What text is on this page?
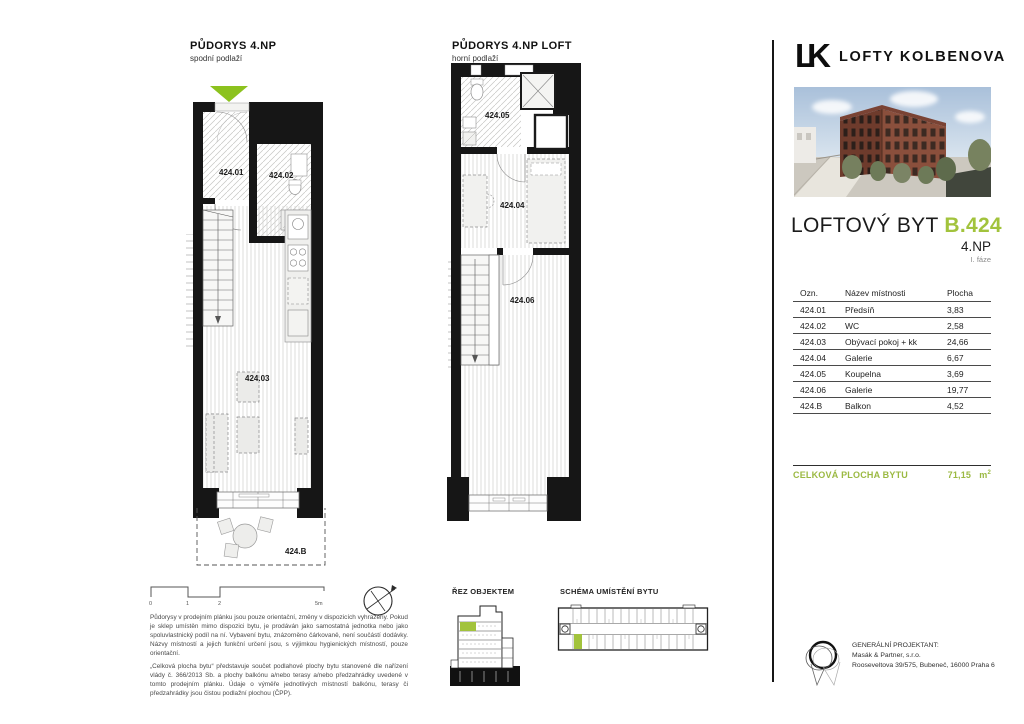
PŮDORYS 4.NP
spodní podlaží
424.01	424.02
424.03
424.B
PŮDORYS 4.NP LOFT
horní podlaží
424.05
424.04
424.06
0	1	2	5m

Půdorysy v prodejním plánku jsou pouze orientační, změny v dispozicích vyhrazeny. Pokud je sklep umístěn mimo dispozici bytu, je prodáván jako samostatná jednotka nebo jako spoluvlastnický podíl na ní. Vybavení bytu, znázorněno čárkovaně, není součástí dodávky. Názvy místností a jejich funkční určení jsou, s výjimkou hygienických místností, pouze orientační.

„Celková plocha bytu“ představuje součet podlahové plochy bytu stanovené dle nařízení vlády č. 366/2013 Sb. a plochy balkónu a/nebo terasy a/nebo předzahrádky uvedené v tomto prodejním plánku. Údaje o výměře jednotlivých místností balkónu, terasy či předzahrádky jsou čistou podlažní plochou (ČPP).

ŘEZ OBJEKTEM	SCHÉMA UMÍSTĚNÍ BYTU
LK	LOFTY KOLBENOVA
LOFTOVÝ BYT B.424
4.NP
I. fáze
Ozn.	Název místnosti	Plocha
424.01	Předsíň	3,83
424.02	WC	2,58
424.03	Obývací pokoj + kk	24,66
424.04	Galerie	6,67
424.05	Koupelna	3,69
424.06	Galerie	19,77
424.B	Balkon	4,52
CELKOVÁ PLOCHA BYTU	71,15 $m^2$
GENERÁLNÍ PROJEKTANT:
Masák & Partner, s.r.o.
Rooseveltova 39/575, Bubeneč, 16000 Praha 6
